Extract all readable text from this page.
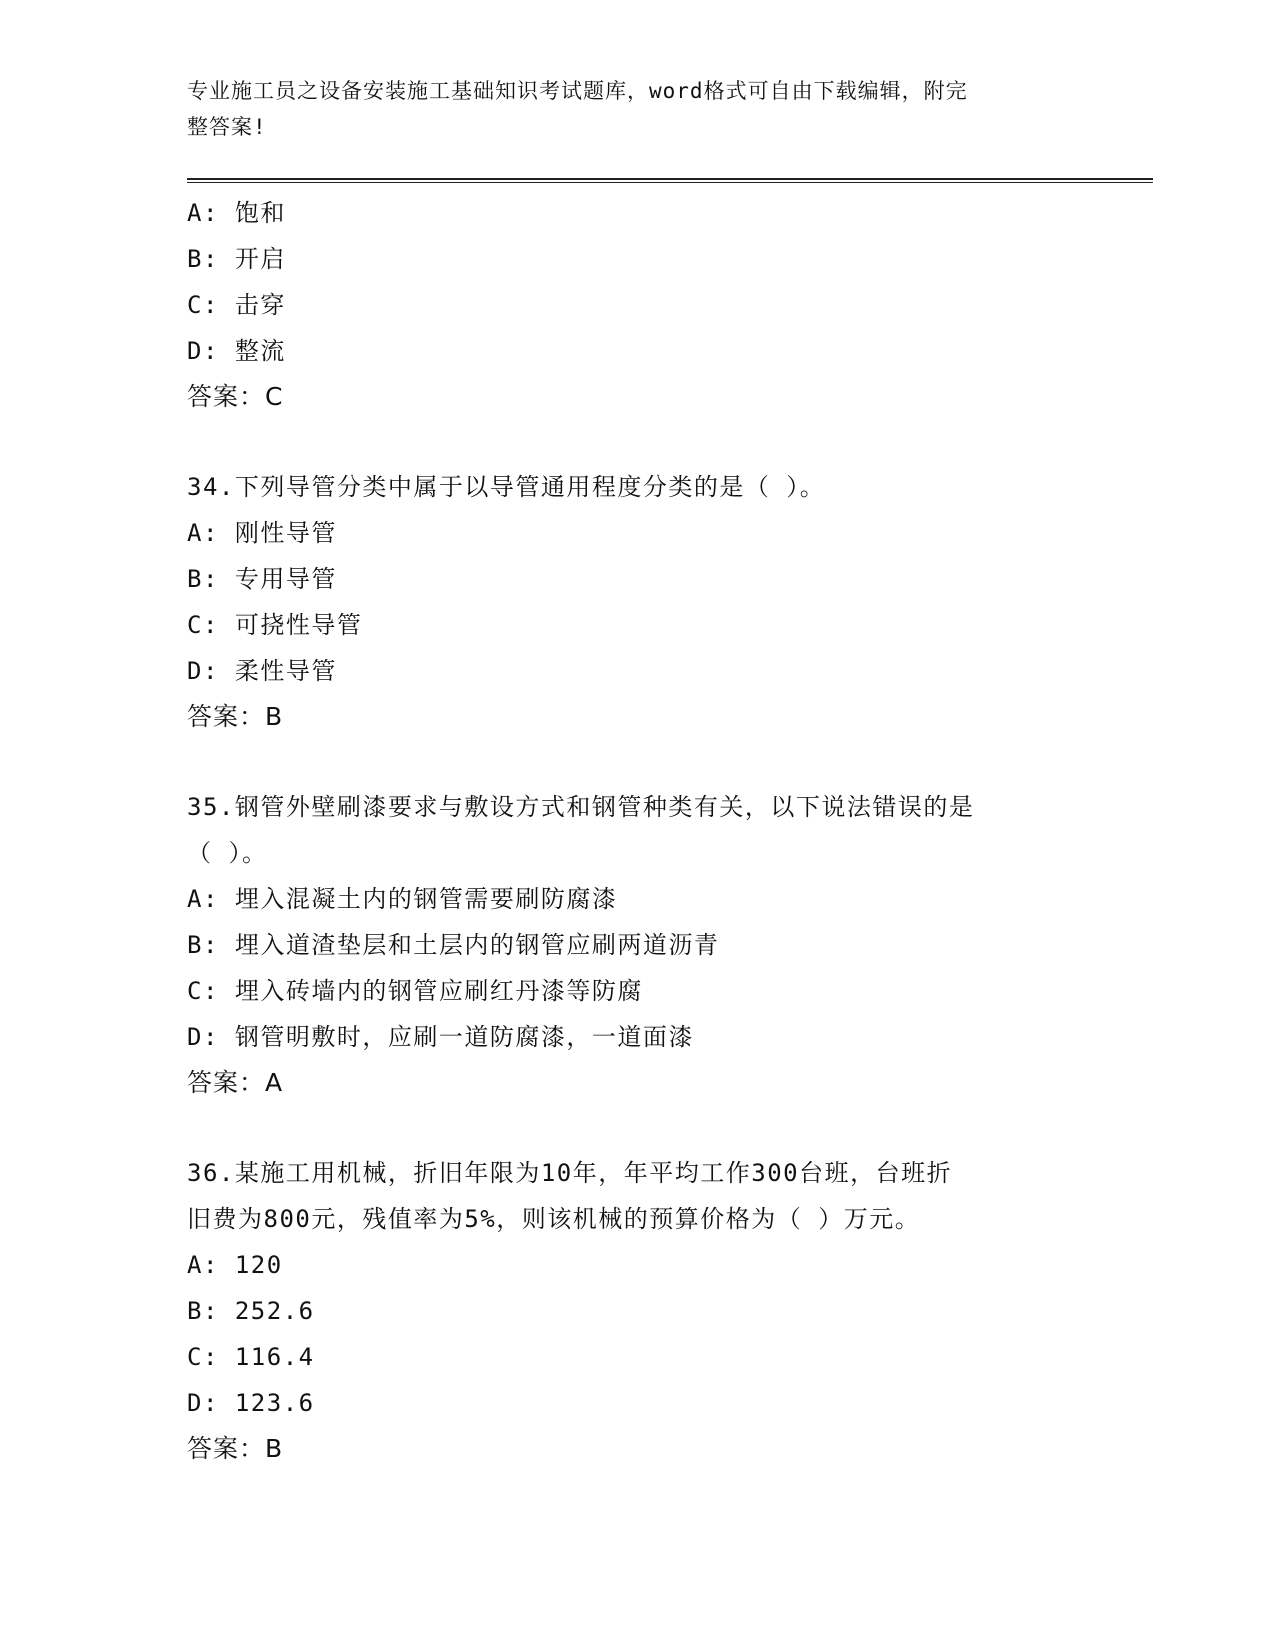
专业施工员之设备安装施工基础知识考试题库，word格式可自由下载编辑，附完
整答案!
A: 饱和
B: 开启
C: 击穿
D: 整流
答案：C
34.下列导管分类中属于以导管通用程度分类的是（ ）。
A: 刚性导管
B: 专用导管
C: 可挠性导管
D: 柔性导管
答案：B
35.钢管外壁刷漆要求与敷设方式和钢管种类有关，以下说法错误的是
（ ）。
A: 埋入混凝土内的钢管需要刷防腐漆
B: 埋入道渣垫层和土层内的钢管应刷两道沥青
C: 埋入砖墙内的钢管应刷红丹漆等防腐
D: 钢管明敷时，应刷一道防腐漆，一道面漆
答案：A
36.某施工用机械，折旧年限为10年，年平均工作300台班，台班折
旧费为800元，残值率为5%，则该机械的预算价格为（ ）万元。
A: 120
B: 252.6
C: 116.4
D: 123.6
答案：B
